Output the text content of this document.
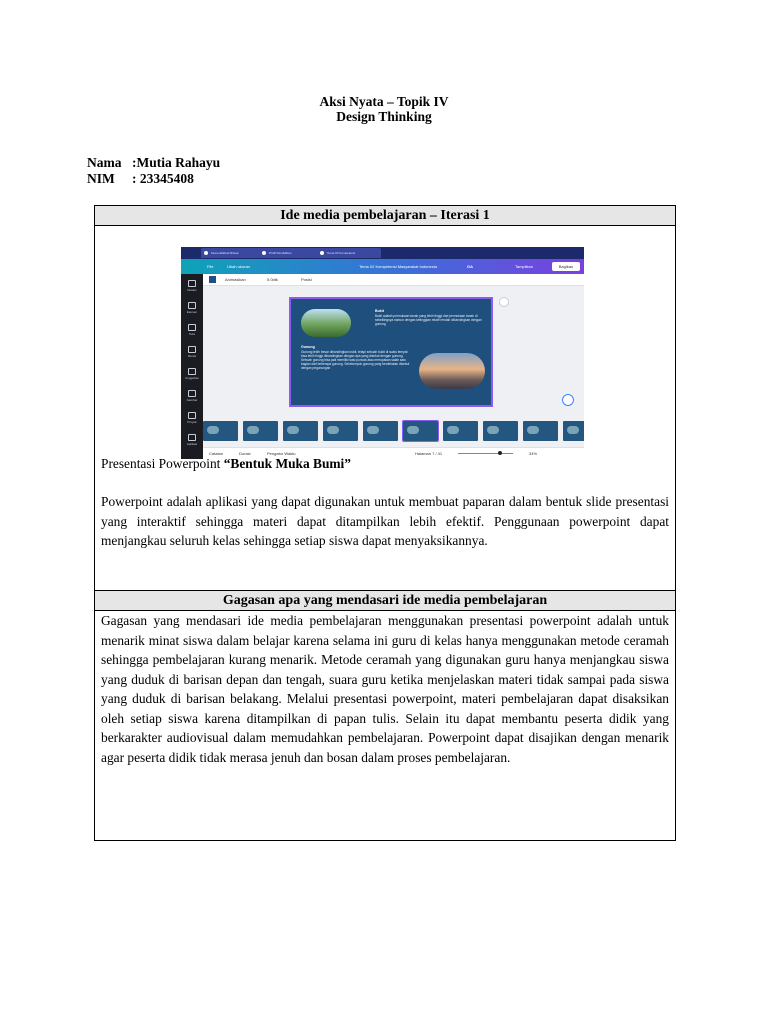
Aksi Nyata – Topik IV
Design Thinking
Nama :Mutia Rahayu
NIM : 23345408
Ide media pembelajaran – Iterasi 1

Kemendikbud Ristek	Profil Pendidikan	Tema 02 Kompetensi
File	Ubah ukuran	Tema 02 Kompetensi Masyarakat Indonesia	GA	Tampilkan	Bagikan
Desain
Elemen
Teks
Merek
Unggahan
Gambar
Proyek
Aplikasi
Animasikan	5.0dtk	Posisi
Bukit
Bukit adalah permukaan tanah yang lebih tinggi dari permukaan tanah di sekelilingnya namun dengan ketinggian relatif rendah dibandingkan dengan gunung
Gunung
Gunung lebih besar dibandingkan bukit, tetapi sebuah bukit di suatu tempat bisa lebih tinggi dibandingkan dengan apa yang disebut dengan gunung. Sebuah gunung bisa jadi memiliki satu puncak atau merupakan salah satu bagian dari beberapa gunung. Sekelompok gunung yang berdekatan disebut dengan pegunungan
Catatan	Durasi	Pengatur Waktu	Halaman 7 / 41	34%
Presentasi Powerpoint “Bentuk Muka Bumi”
Powerpoint adalah aplikasi yang dapat digunakan untuk membuat paparan dalam bentuk slide presentasi yang interaktif sehingga materi dapat ditampilkan lebih efektif. Penggunaan powerpoint dapat menjangkau seluruh kelas sehingga setiap siswa dapat menyaksikannya.

Gagasan apa yang mendasari ide media pembelajaran

Gagasan yang mendasari ide media pembelajaran menggunakan presentasi powerpoint adalah untuk menarik minat siswa dalam belajar karena selama ini guru di kelas hanya menggunakan metode ceramah sehingga pembelajaran kurang menarik. Metode ceramah yang digunakan guru hanya menjangkau siswa yang duduk di barisan depan dan tengah, suara guru ketika menjelaskan materi tidak sampai pada siswa yang duduk di barisan belakang. Melalui presentasi powerpoint, materi pembelajaran dapat disaksikan oleh setiap siswa karena ditampilkan di papan tulis. Selain itu dapat membantu peserta didik yang berkarakter audiovisual dalam memudahkan pembelajaran. Powerpoint dapat disajikan dengan menarik agar peserta didik tidak merasa jenuh dan bosan dalam proses pembelajaran.
